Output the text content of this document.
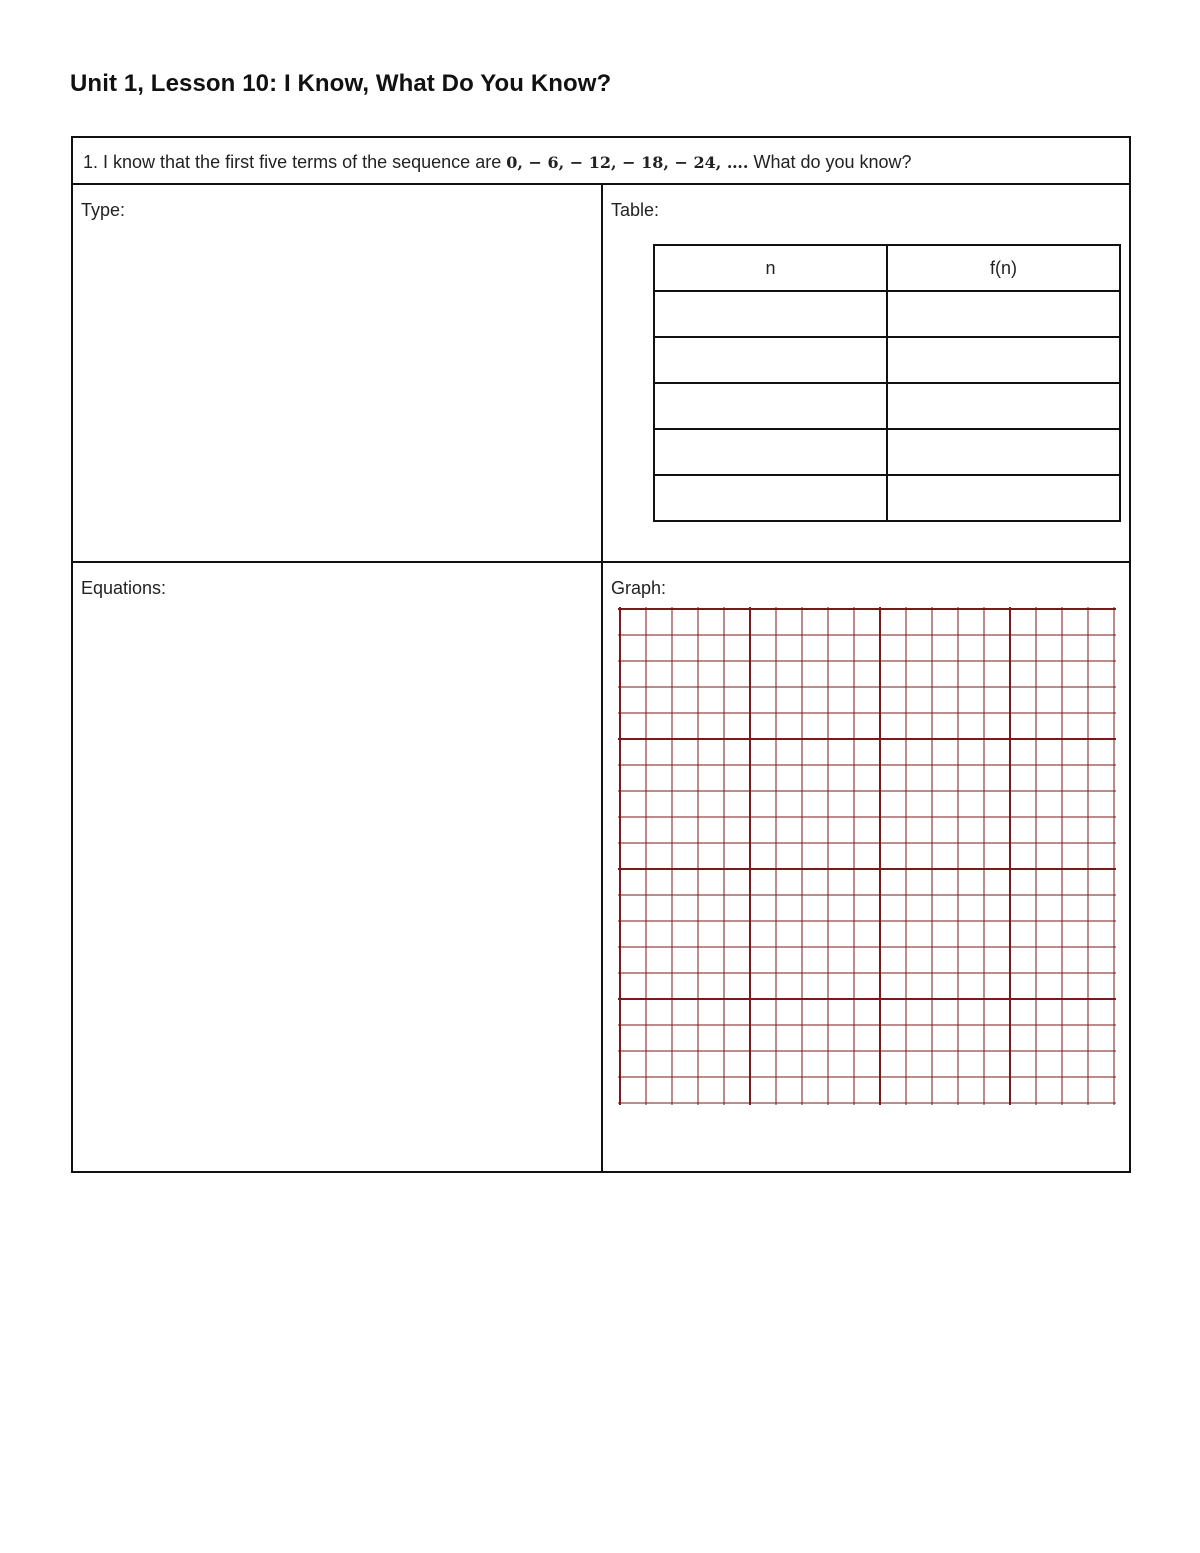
Unit 1, Lesson 10: I Know, What Do You Know?
1. I know that the first five terms of the sequence are 0, − 6, − 12, − 18, − 24, …. What do you know?
Type:	Table:
Equations:	Graph:
n	f(n)
